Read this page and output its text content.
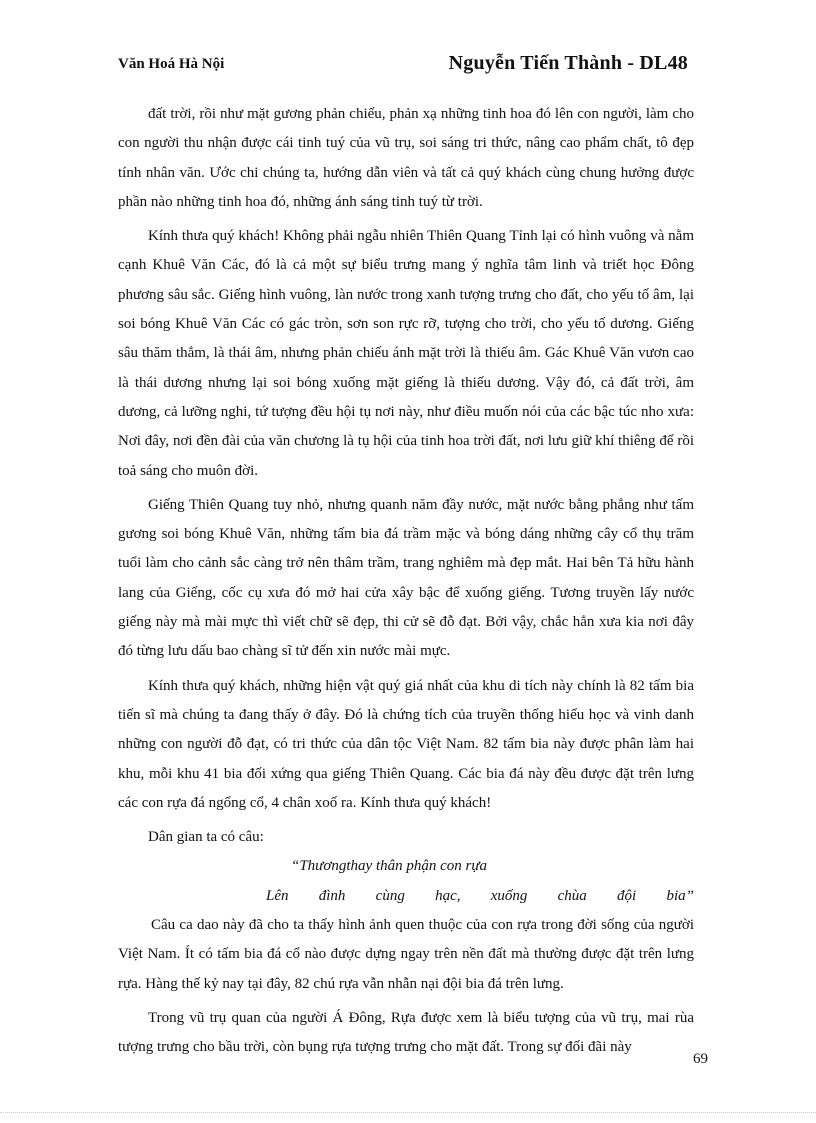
Văn Hoá Hà Nội	Nguyễn Tiến Thành - DL48

đất trời, rồi như mặt gương phản chiếu, phản xạ những tinh hoa đó lên con người, làm cho con người thu nhận được cái tinh tuý của vũ trụ, soi sáng tri thức, nâng cao phẩm chất, tô đẹp tính nhân văn. Ước chi chúng ta, hướng dẫn viên và tất cả quý khách cùng chung hưởng được phần nào những tinh hoa đó, những ánh sáng tinh tuý từ trời.

Kính thưa quý khách! Không phải ngẫu nhiên Thiên Quang Tỉnh lại có hình vuông và nằm cạnh Khuê Văn Các, đó là cả một sự biểu trưng mang ý nghĩa tâm linh và triết học Đông phương sâu sắc. Giếng hình vuông, làn nước trong xanh tượng trưng cho đất, cho yếu tố âm, lại soi bóng Khuê Văn Các có gác tròn, sơn son rực rỡ, tượng cho trời, cho yếu tố dương. Giếng sâu thăm thẳm, là thái âm, nhưng phản chiếu ánh mặt trời là thiếu âm. Gác Khuê Văn vươn cao là thái dương nhưng lại soi bóng xuống mặt giếng là thiếu dương. Vậy đó, cả đất trời, âm dương, cả lưỡng nghi, tứ tượng đều hội tụ nơi này, như điều muốn nói của các bậc túc nho xưa: Nơi đây, nơi đền đài của văn chương là tụ hội của tinh hoa trời đất, nơi lưu giữ khí thiêng để rồi toả sáng cho muôn đời.

Giếng Thiên Quang tuy nhỏ, nhưng quanh năm đầy nước, mặt nước bằng phẳng như tấm gương soi bóng Khuê Văn, những tấm bia đá trầm mặc và bóng dáng những cây cổ thụ trăm tuổi làm cho cảnh sắc càng trở nên thâm trầm, trang nghiêm mà đẹp mắt. Hai bên Tả hữu hành lang của Giếng, cốc cụ xưa đó mở hai cửa xây bậc để xuống giếng. Tương truyền lấy nước giếng này mà mài mực thì viết chữ sẽ đẹp, thi cử sẽ đỗ đạt. Bởi vậy, chắc hẳn xưa kia nơi đây đó từng lưu dấu bao chàng sĩ tử đến xin nước mài mực.

Kính thưa quý khách, những hiện vật quý giá nhất của khu di tích này chính là 82 tấm bia tiến sĩ mà chúng ta đang thấy ở đây. Đó là chứng tích của truyền thống hiếu học và vinh danh những con người đỗ đạt, có tri thức của dân tộc Việt Nam. 82 tấm bia này được phân làm hai khu, mỗi khu 41 bia đối xứng qua giếng Thiên Quang. Các bia đá này đều được đặt trên lưng các con rựa đá ngổng cổ, 4 chân xoố ra. Kính thưa quý khách!

Dân gian ta có câu:

“Thươngthay thân phận con rựa

Lên đình cùng hạc, xuống chùa đội bia”

Câu ca dao này đã cho ta thấy hình ảnh quen thuộc của con rựa trong đời sống của người Việt Nam. Ít có tấm bia đá cổ nào được dựng ngay trên nền đất mà thường được đặt trên lưng rựa. Hàng thế kỷ nay tại đây, 82 chú rựa vẫn nhẫn nại đội bia đá trên lưng.

Trong vũ trụ quan của người Á Đông, Rựa được xem là biểu tượng của vũ trụ, mai rùa tượng trưng cho bầu trời, còn bụng rựa tượng trưng cho mặt đất. Trong sự đối đãi này

69
